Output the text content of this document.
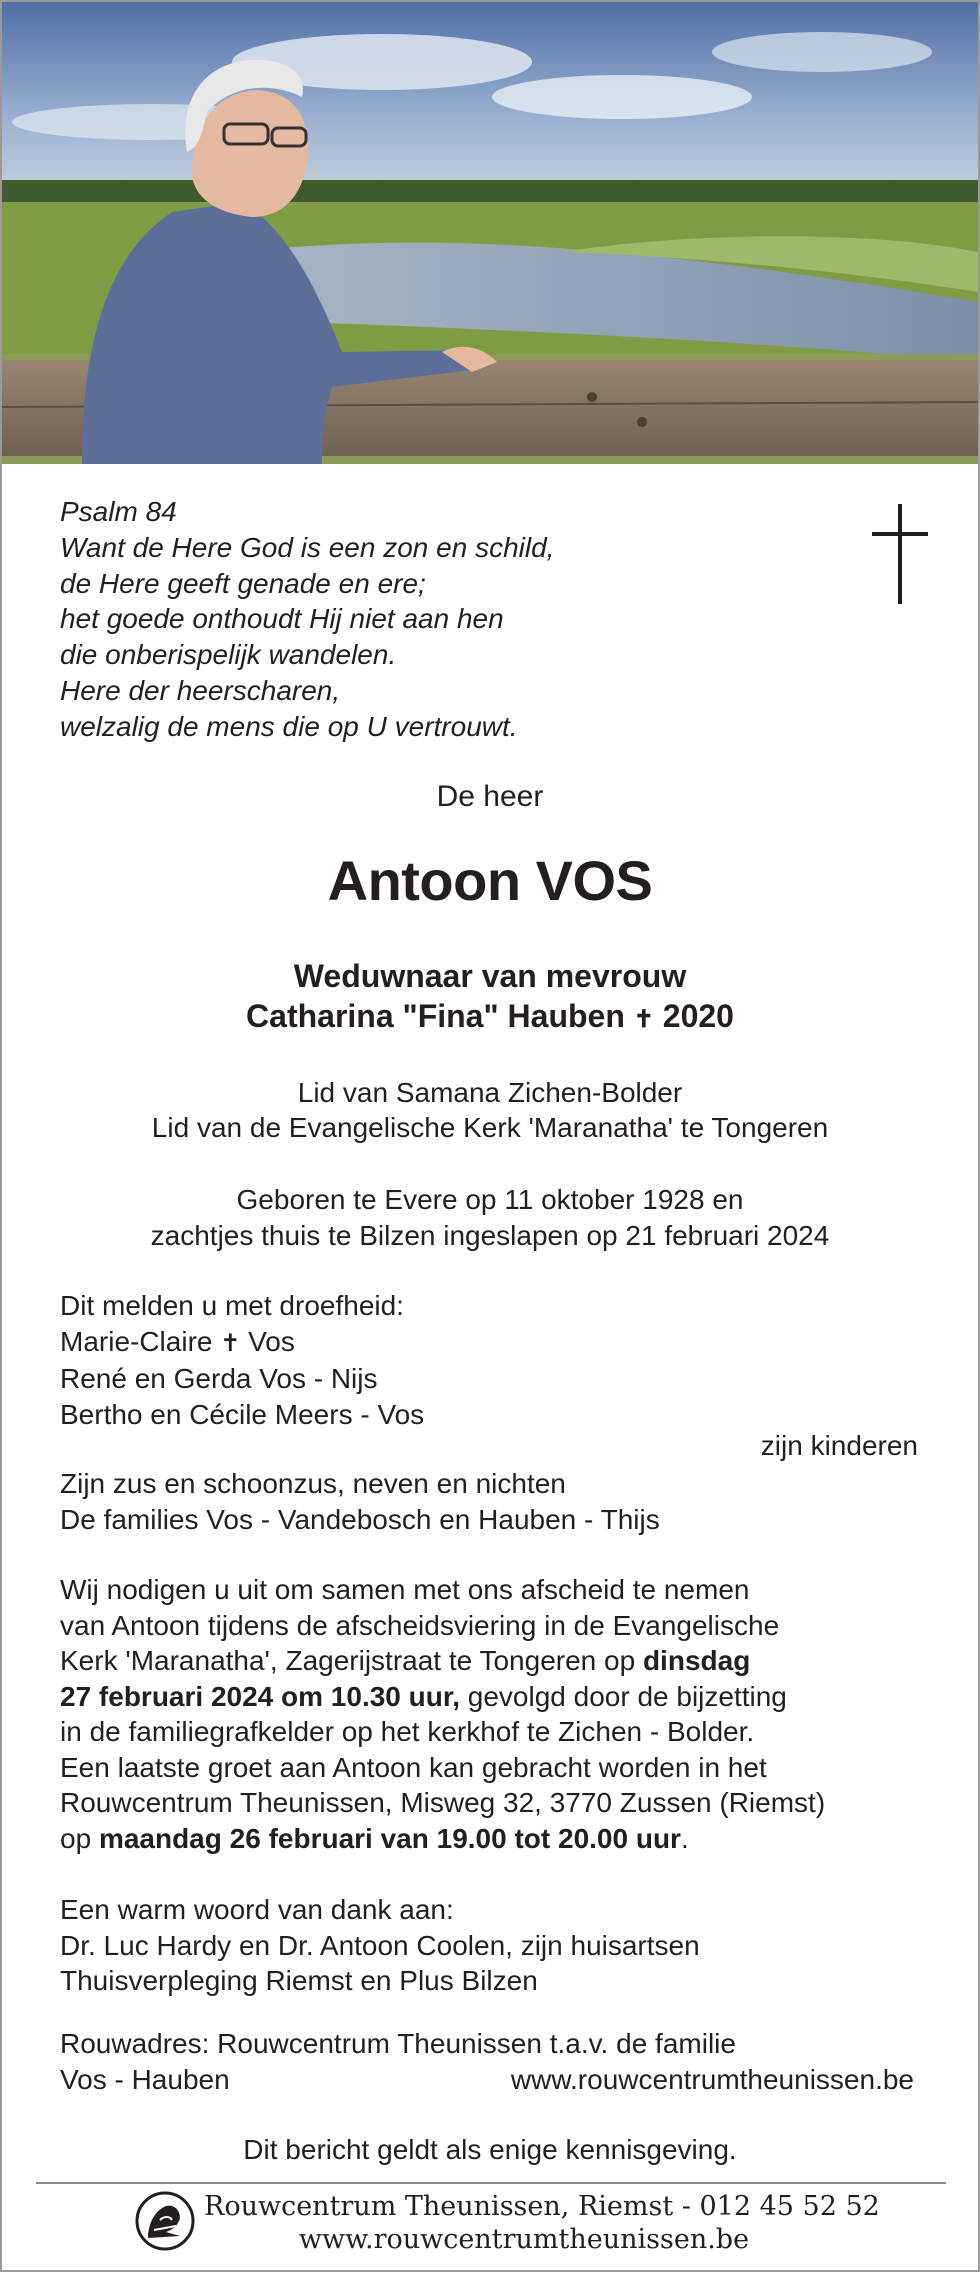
Psalm 84
Want de Here God is een zon en schild,
de Here geeft genade en ere;
het goede onthoudt Hij niet aan hen
die onberispelijk wandelen.
Here der heerscharen,
welzalig de mens die op U vertrouwt.
De heer
Antoon VOS
Weduwnaar van mevrouw
Catharina "Fina" Hauben ✝ 2020
Lid van Samana Zichen-Bolder
Lid van de Evangelische Kerk 'Maranatha' te Tongeren
Geboren te Evere op 11 oktober 1928 en
zachtjes thuis te Bilzen ingeslapen op 21 februari 2024
Dit melden u met droefheid:
Marie-Claire ✝ Vos
René en Gerda Vos - Nijs
Bertho en Cécile Meers - Vos
zijn kinderen
Zijn zus en schoonzus, neven en nichten
De families Vos - Vandebosch en Hauben - Thijs
Wij nodigen u uit om samen met ons afscheid te nemen
van Antoon tijdens de afscheidsviering in de Evangelische
Kerk 'Maranatha', Zagerijstraat te Tongeren op dinsdag
27 februari 2024 om 10.30 uur, gevolgd door de bijzetting
in de familiegrafkelder op het kerkhof te Zichen - Bolder.
Een laatste groet aan Antoon kan gebracht worden in het
Rouwcentrum Theunissen, Misweg 32, 3770 Zussen (Riemst)
op maandag 26 februari van 19.00 tot 20.00 uur.
Een warm woord van dank aan:
Dr. Luc Hardy en Dr. Antoon Coolen, zijn huisartsen
Thuisverpleging Riemst en Plus Bilzen
Rouwadres: Rouwcentrum Theunissen t.a.v. de familie
Vos - Hauben	www.rouwcentrumtheunissen.be
Dit bericht geldt als enige kennisgeving.
Rouwcentrum Theunissen, Riemst - 012 45 52 52
www.rouwcentrumtheunissen.be
